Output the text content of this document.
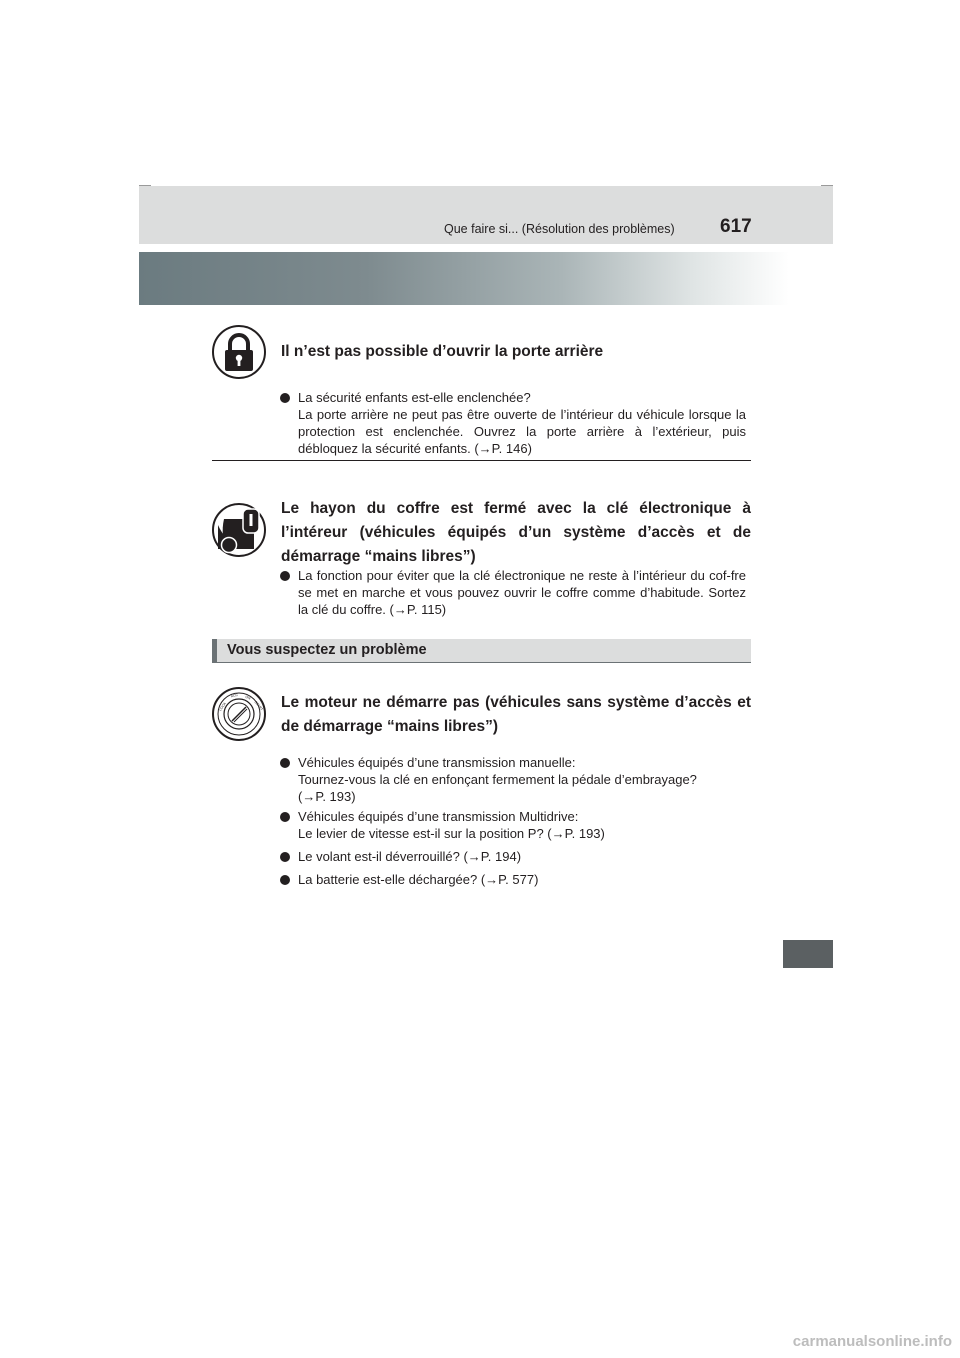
Que faire si... (Résolution des problèmes) 617
Il n’est pas possible d’ouvrir la porte arrière

La sécurité enfants est-elle enclenchée?

La porte arrière ne peut pas être ouverte de l’intérieur du véhicule lorsque la protection est enclenchée. Ouvrez la porte arrière à l’extérieur, puis débloquez la sécurité enfants. (→P. 146)

Le hayon du coffre est fermé avec la clé électronique à l’intéreur (véhicules équipés d’un système d’accès et de démarrage “mains libres”)

La fonction pour éviter que la clé électronique ne reste à l’intérieur du cof-fre se met en marche et vous pouvez ouvrir le coffre comme d’habitude. Sortez la clé du coffre. (→P. 115)

Vous suspectez un problème
LOCK
ACC ON
START Le moteur ne démarre pas (véhicules sans système d’accès et de démarrage “mains libres”)

Véhicules équipés d’une transmission manuelle:

Tournez-vous la clé en enfonçant fermement la pédale d’embrayage?

(→P. 193)

Véhicules équipés d’une transmission Multidrive:

Le levier de vitesse est-il sur la position P? (→P. 193)

Le volant est-il déverrouillé? (→P. 194)

La batterie est-elle déchargée? (→P. 577)

carmanualsonline.info
